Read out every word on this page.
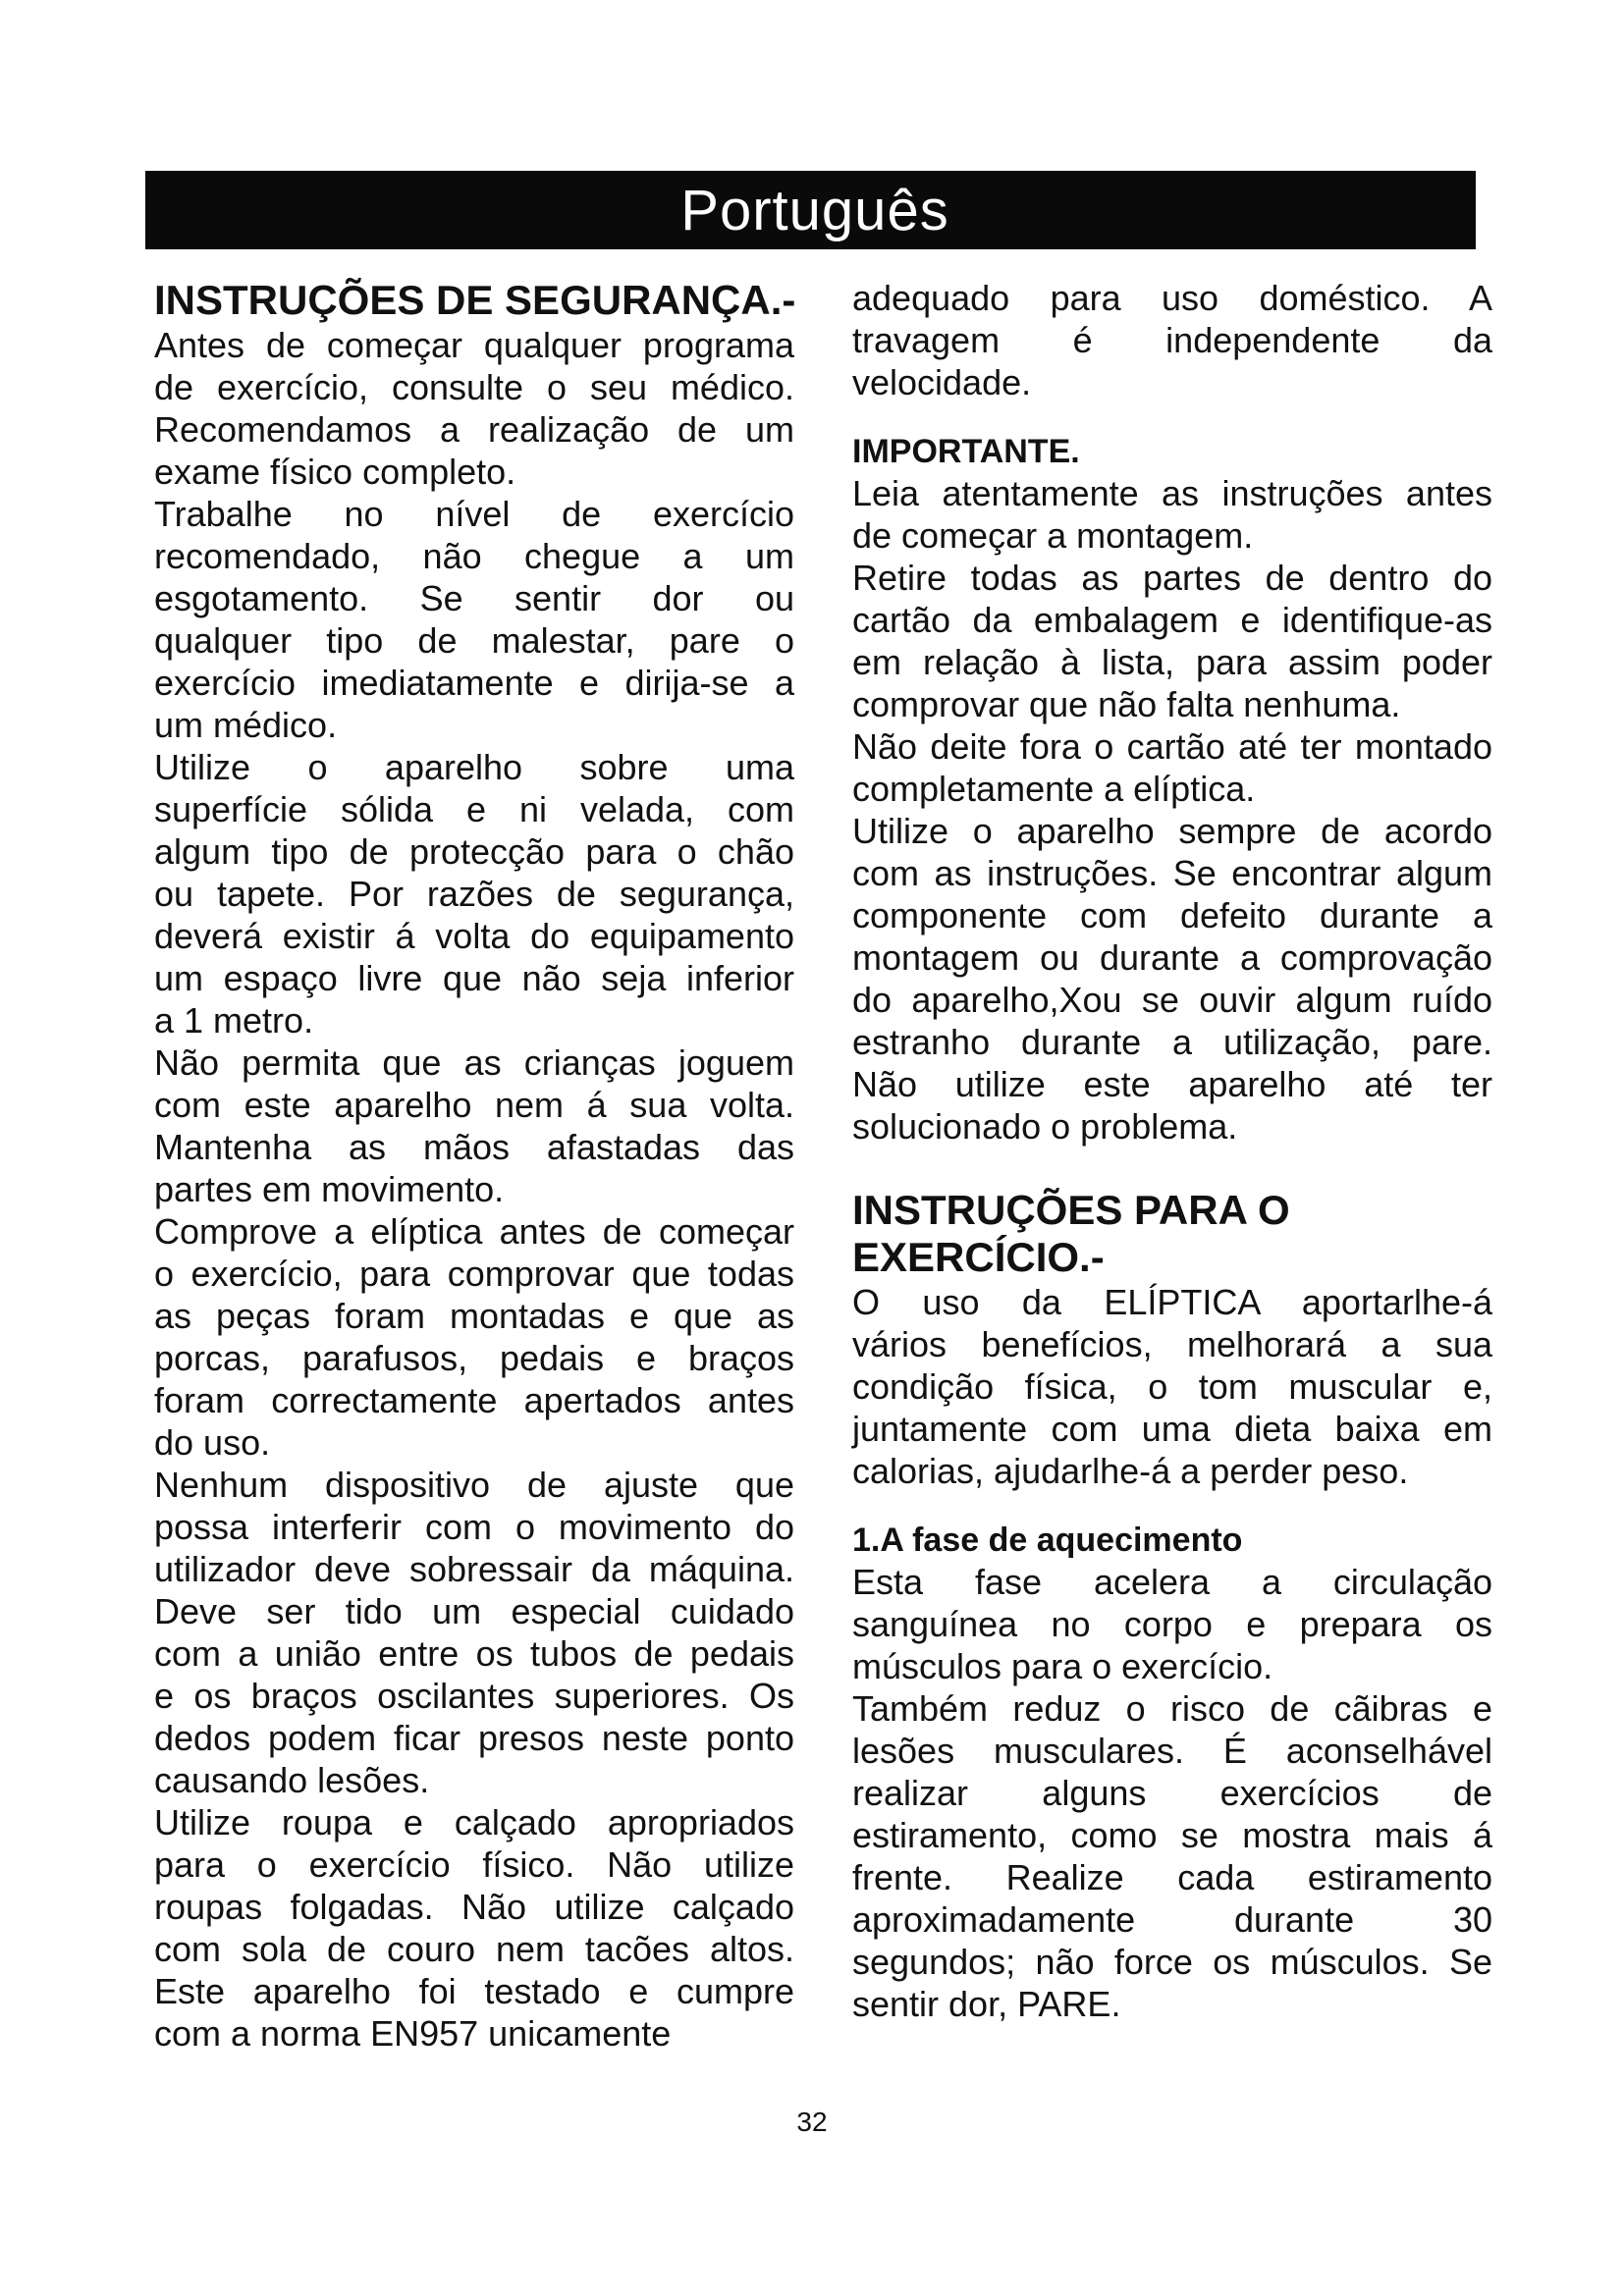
Português
INSTRUÇÕES DE SEGURANÇA.-
Antes de começar qualquer programa
de exercício, consulte o seu médico.
Recomendamos a realização de um
exame físico completo.
Trabalhe no nível de exercício
recomendado, não chegue a um
esgotamento. Se sentir dor ou
qualquer tipo de malestar, pare o
exercício imediatamente e dirija-se a
um médico.
Utilize o aparelho sobre uma
superfície sólida e ni velada, com
algum tipo de protecção para o chão
ou tapete. Por razões de segurança,
deverá existir á volta do equipamento
um espaço livre que não seja inferior
a 1 metro.
Não permita que as crianças joguem
com este aparelho nem á sua volta.
Mantenha as mãos afastadas das
partes em movimento.
Comprove a elíptica antes de começar
o exercício, para comprovar que todas
as peças foram montadas e que as
porcas, parafusos, pedais e braços
foram correctamente apertados antes
do uso.
Nenhum dispositivo de ajuste que
possa interferir com o movimento do
utilizador deve sobressair da máquina.
Deve ser tido um especial cuidado
com a união entre os tubos de pedais
e os braços oscilantes superiores. Os
dedos podem ficar presos neste ponto
causando lesões.
Utilize roupa e calçado apropriados
para o exercício físico. Não utilize
roupas folgadas. Não utilize calçado
com sola de couro nem tacões altos.
Este aparelho foi testado e cumpre
com a norma EN957 unicamente
adequado para uso doméstico. A
travagem é independente da
velocidade.
IMPORTANTE.
Leia atentamente as instruções antes
de começar a montagem.
Retire todas as partes de dentro do
cartão da embalagem e identifique-as
em relação à lista, para assim poder
comprovar que não falta nenhuma.
Não deite fora o cartão até ter montado
completamente a elíptica.
Utilize o aparelho sempre de acordo
com as instruções. Se encontrar algum
componente com defeito durante a
montagem ou durante a comprovação
do aparelho,Xou se ouvir algum ruído
estranho durante a utilização, pare.
Não utilize este aparelho até ter
solucionado o problema.
INSTRUÇÕES PARA O
EXERCÍCIO.-
O uso da ELÍPTICA aportarlhe-á
vários benefícios, melhorará a sua
condição física, o tom muscular e,
juntamente com uma dieta baixa em
calorias, ajudarlhe-á a perder peso.
1.A fase de aquecimento
Esta fase acelera a circulação
sanguínea no corpo e prepara os
músculos para o exercício.
Também reduz o risco de cãibras e
lesões musculares. É aconselhável
realizar alguns exercícios de
estiramento, como se mostra mais á
frente. Realize cada estiramento
aproximadamente durante 30
segundos; não force os músculos. Se
sentir dor, PARE.
32
